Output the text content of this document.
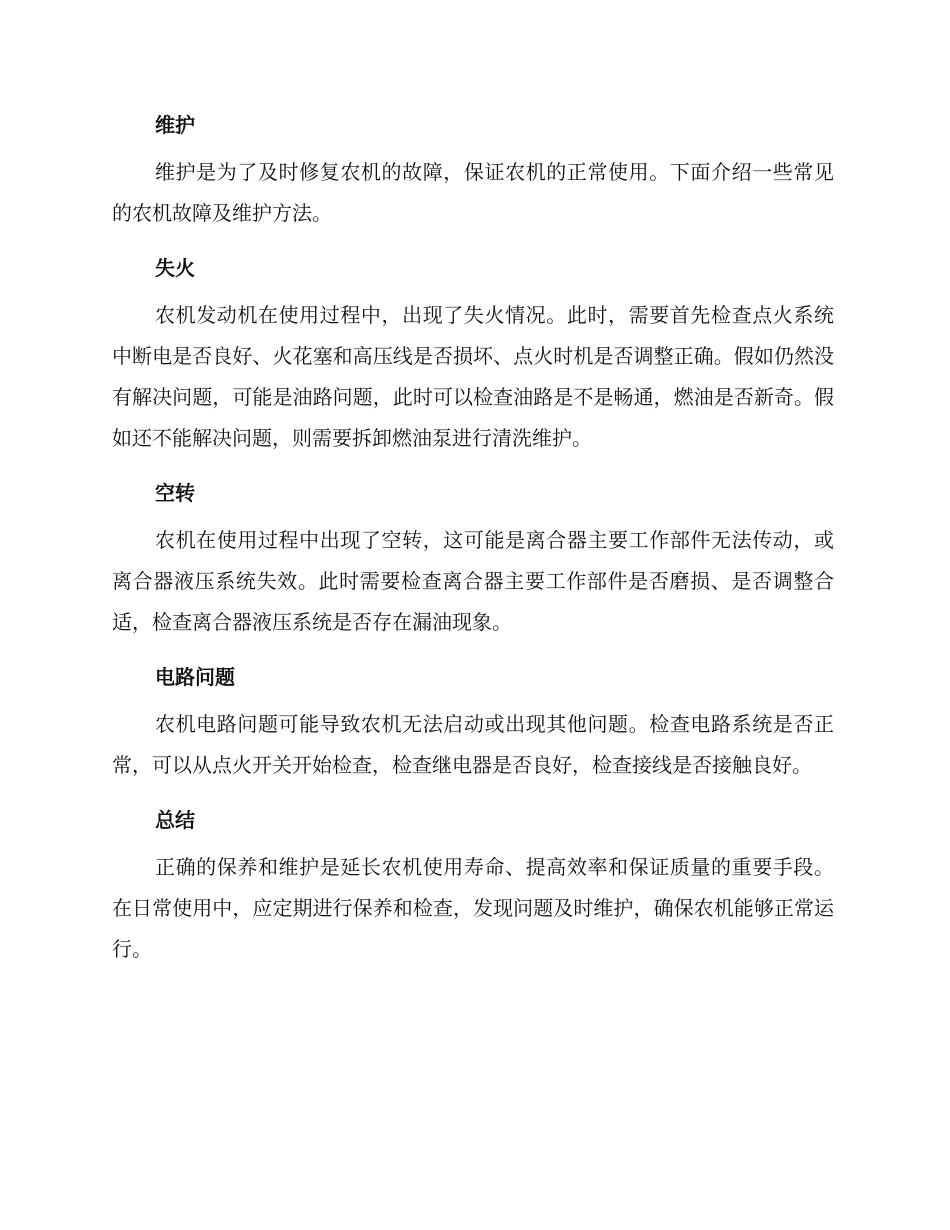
维护

维护是为了及时修复农机的故障，保证农机的正常使用。下面介绍一些常见的农机故障及维护方法。

失火

农机发动机在使用过程中，出现了失火情况。此时，需要首先检查点火系统中断电是否良好、火花塞和高压线是否损坏、点火时机是否调整正确。假如仍然没有解决问题，可能是油路问题，此时可以检查油路是不是畅通，燃油是否新奇。假如还不能解决问题，则需要拆卸燃油泵进行清洗维护。

空转

农机在使用过程中出现了空转，这可能是离合器主要工作部件无法传动，或离合器液压系统失效。此时需要检查离合器主要工作部件是否磨损、是否调整合适，检查离合器液压系统是否存在漏油现象。

电路问题

农机电路问题可能导致农机无法启动或出现其他问题。检查电路系统是否正常，可以从点火开关开始检查，检查继电器是否良好，检查接线是否接触良好。

总结

正确的保养和维护是延长农机使用寿命、提高效率和保证质量的重要手段。在日常使用中，应定期进行保养和检查，发现问题及时维护，确保农机能够正常运行。
